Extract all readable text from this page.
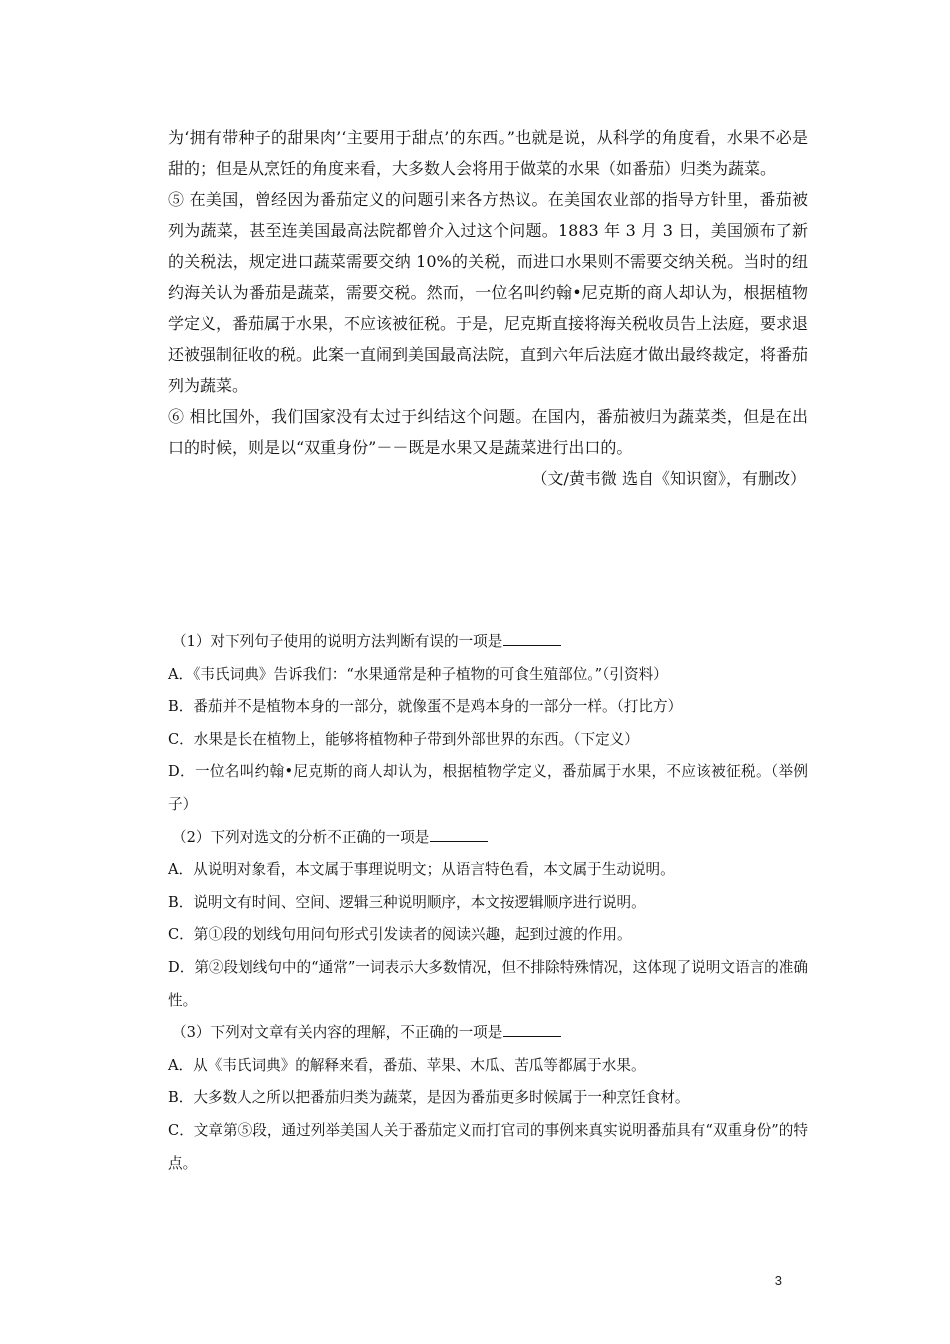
为‘拥有带种子的甜果肉’‘主要用于甜点’的东西。”也就是说，从科学的角度看，水果不必是甜的；但是从烹饪的角度来看，大多数人会将用于做菜的水果（如番茄）归类为蔬菜。

⑤ 在美国，曾经因为番茄定义的问题引来各方热议。在美国农业部的指导方针里，番茄被列为蔬菜，甚至连美国最高法院都曾介入过这个问题。1883 年 3 月 3 日，美国颁布了新的关税法，规定进口蔬菜需要交纳 10%的关税，而进口水果则不需要交纳关税。当时的纽约海关认为番茄是蔬菜，需要交税。然而，一位名叫约翰•尼克斯的商人却认为，根据植物学定义，番茄属于水果，不应该被征税。于是，尼克斯直接将海关税收员告上法庭，要求退还被强制征收的税。此案一直闹到美国最高法院，直到六年后法庭才做出最终裁定，将番茄列为蔬菜。

⑥ 相比国外，我们国家没有太过于纠结这个问题。在国内，番茄被归为蔬菜类，但是在出口的时候，则是以“双重身份”－－既是水果又是蔬菜进行出口的。

（文/黄韦微 选自《知识窗》，有删改）

（1）对下列句子使用的说明方法判断有误的一项是

A．《韦氏词典》告诉我们：“水果通常是种子植物的可食生殖部位。”（引资料）

B．番茄并不是植物本身的一部分，就像蛋不是鸡本身的一部分一样。（打比方）

C．水果是长在植物上，能够将植物种子带到外部世界的东西。（下定义）

D．一位名叫约翰•尼克斯的商人却认为，根据植物学定义，番茄属于水果，不应该被征税。（举例子）

（2）下列对选文的分析不正确的一项是

A．从说明对象看，本文属于事理说明文；从语言特色看，本文属于生动说明。

B．说明文有时间、空间、逻辑三种说明顺序，本文按逻辑顺序进行说明。

C．第①段的划线句用问句形式引发读者的阅读兴趣，起到过渡的作用。

D．第②段划线句中的“通常”一词表示大多数情况，但不排除特殊情况，这体现了说明文语言的准确性。

（3）下列对文章有关内容的理解，不正确的一项是

A．从《韦氏词典》的解释来看，番茄、苹果、木瓜、苦瓜等都属于水果。

B．大多数人之所以把番茄归类为蔬菜，是因为番茄更多时候属于一种烹饪食材。

C．文章第⑤段，通过列举美国人关于番茄定义而打官司的事例来真实说明番茄具有“双重身份”的特点。

3
